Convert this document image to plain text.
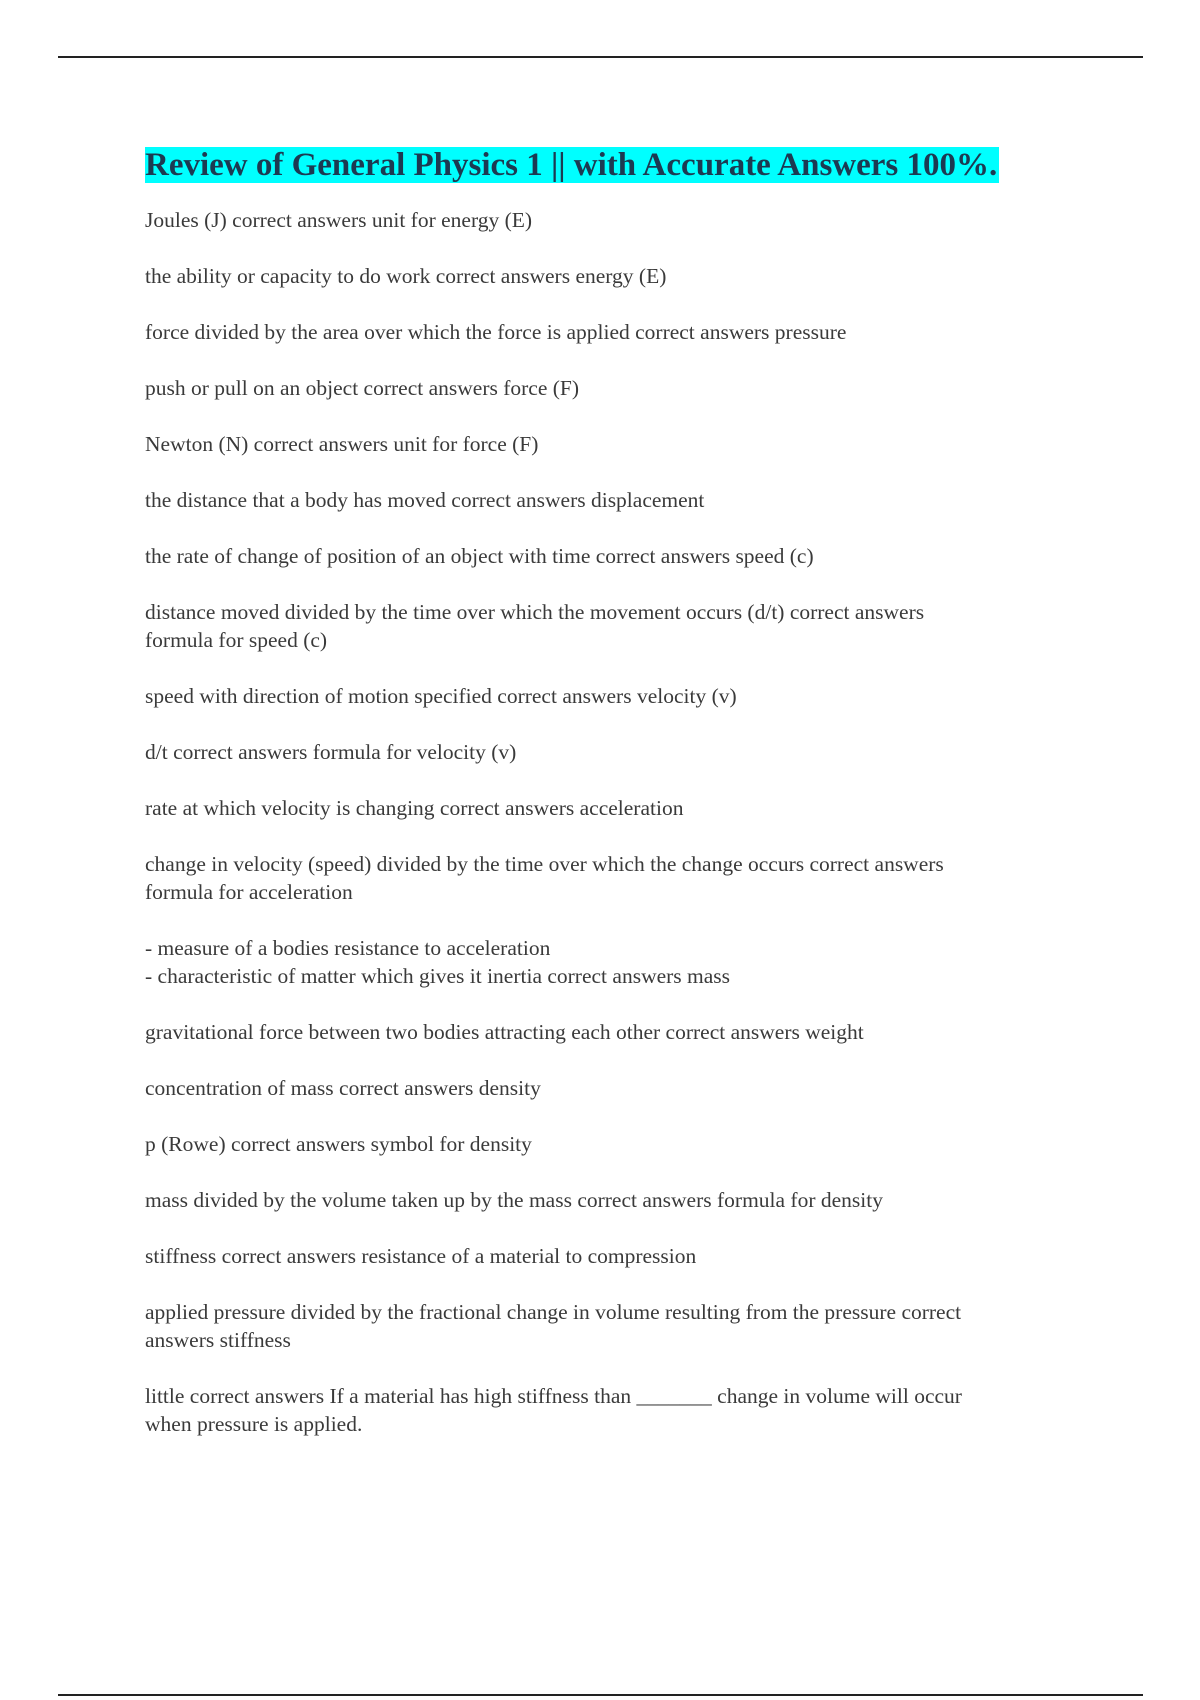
Review of General Physics 1 || with Accurate Answers 100%.
Joules (J) correct answers unit for energy (E)
the ability or capacity to do work correct answers energy (E)
force divided by the area over which the force is applied correct answers pressure
push or pull on an object correct answers force (F)
Newton (N) correct answers unit for force (F)
the distance that a body has moved correct answers displacement
the rate of change of position of an object with time correct answers speed (c)
distance moved divided by the time over which the movement occurs (d/t) correct answers
formula for speed (c)
speed with direction of motion specified correct answers velocity (v)
d/t correct answers formula for velocity (v)
rate at which velocity is changing correct answers acceleration
change in velocity (speed) divided by the time over which the change occurs correct answers
formula for acceleration
- measure of a bodies resistance to acceleration
- characteristic of matter which gives it inertia correct answers mass
gravitational force between two bodies attracting each other correct answers weight
concentration of mass correct answers density
p (Rowe) correct answers symbol for density
mass divided by the volume taken up by the mass correct answers formula for density
stiffness correct answers resistance of a material to compression
applied pressure divided by the fractional change in volume resulting from the pressure correct
answers stiffness
little correct answers If a material has high stiffness than _______ change in volume will occur
when pressure is applied.
